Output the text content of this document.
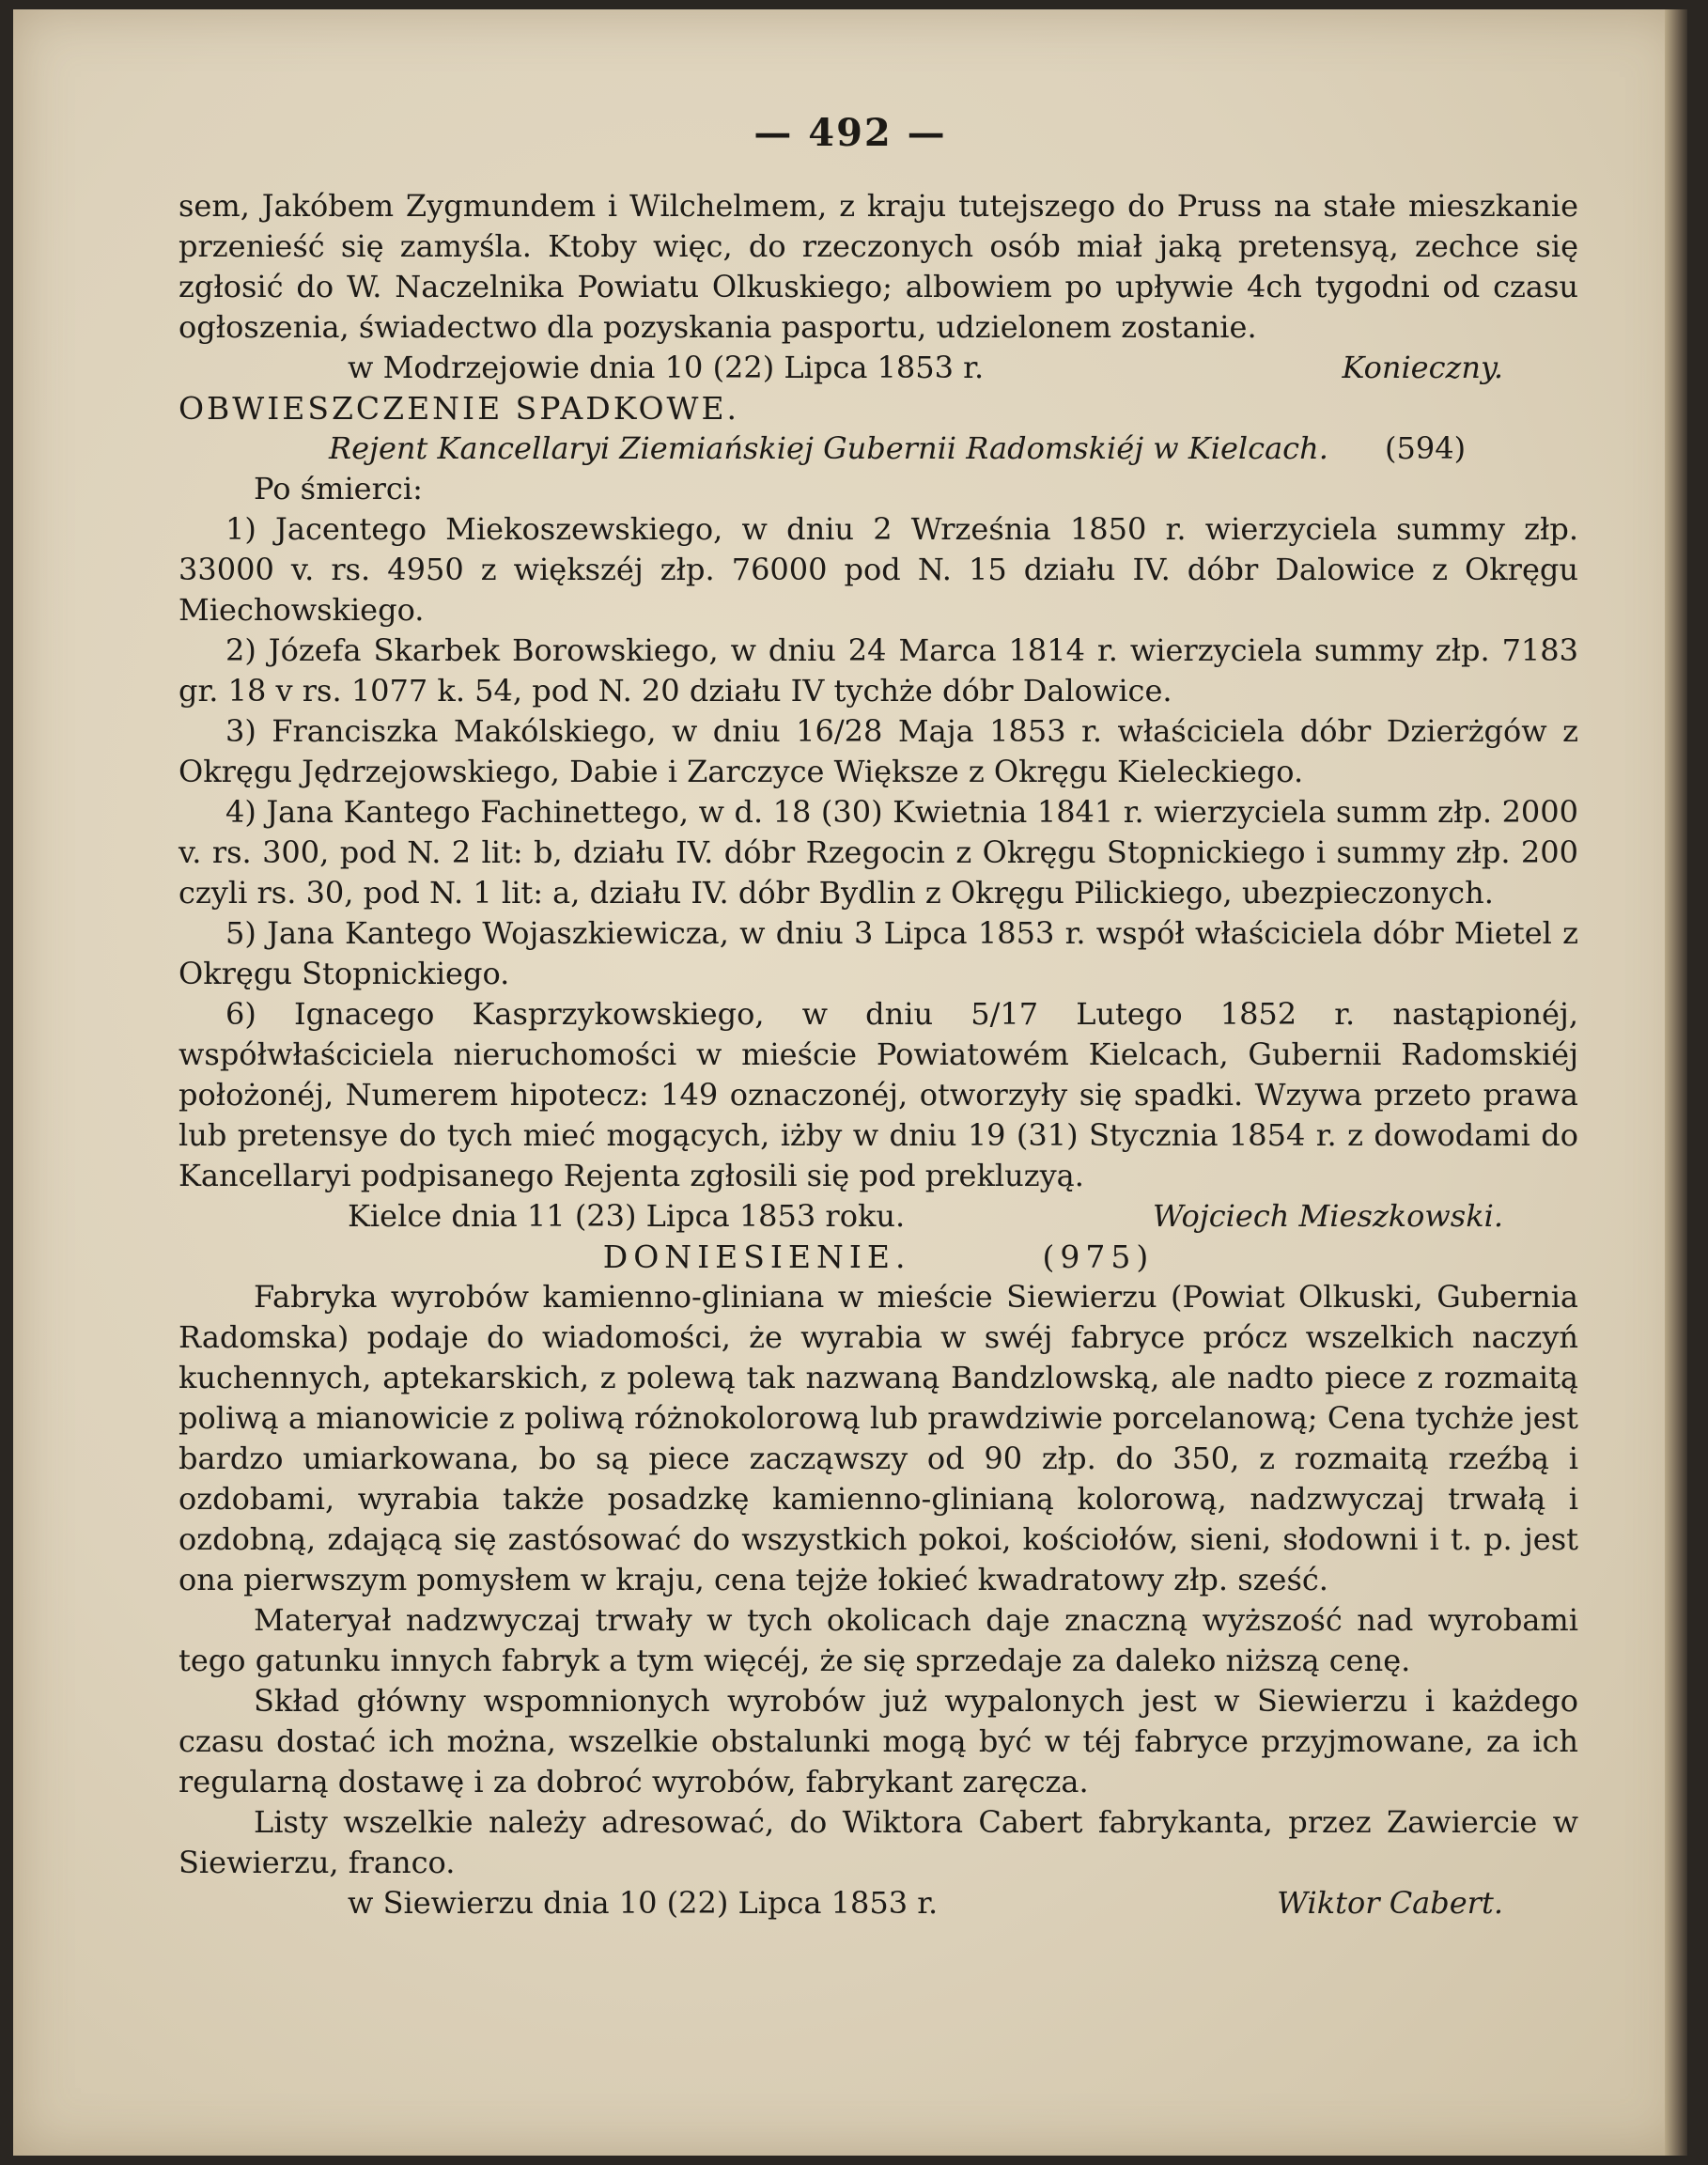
— 492 —

sem, Jakóbem Zygmundem i Wilchelmem, z kraju tutejszego do Pruss na stałe mieszkanie przenieść się zamyśla. Ktoby więc, do rzeczonych osób miał jaką pretensyą, zechce się zgłosić do W. Naczelnika Powiatu Olkuskiego; albowiem po upływie 4ch tygodni od czasu ogłoszenia, świadectwo dla pozyskania pasportu, udzielonem zostanie.

w Modrzejowie dnia 10 (22) Lipca 1853 r.	Konieczny.

OBWIESZCZENIE SPADKOWE.

Rejent Kancellaryi Ziemiańskiej Gubernii Radomskiéj w Kielcach. (594)

Po śmierci:

1) Jacentego Miekoszewskiego, w dniu 2 Września 1850 r. wierzyciela summy złp. 33000 v. rs. 4950 z większéj złp. 76000 pod N. 15 działu IV. dóbr Dalowice z Okręgu Miechowskiego.

2) Józefa Skarbek Borowskiego, w dniu 24 Marca 1814 r. wierzyciela summy złp. 7183 gr. 18 v rs. 1077 k. 54, pod N. 20 działu IV tychże dóbr Dalowice.

3) Franciszka Makólskiego, w dniu 16/28 Maja 1853 r. właściciela dóbr Dzierżgów z Okręgu Jędrzejowskiego, Dabie i Zarczyce Większe z Okręgu Kieleckiego.

4) Jana Kantego Fachinettego, w d. 18 (30) Kwietnia 1841 r. wierzyciela summ złp. 2000 v. rs. 300, pod N. 2 lit: b, działu IV. dóbr Rzegocin z Okręgu Stopnickiego i summy złp. 200 czyli rs. 30, pod N. 1 lit: a, działu IV. dóbr Bydlin z Okręgu Pilickiego, ubezpieczonych.

5) Jana Kantego Wojaszkiewicza, w dniu 3 Lipca 1853 r. współ właściciela dóbr Mietel z Okręgu Stopnickiego.

6) Ignacego Kasprzykowskiego, w dniu 5/17 Lutego 1852 r. nastąpionéj, współwłaściciela nieruchomości w mieście Powiatowém Kielcach, Gubernii Radomskiéj położonéj, Numerem hipotecz: 149 oznaczonéj, otworzyły się spadki. Wzywa przeto prawa lub pretensye do tych mieć mogących, iżby w dniu 19 (31) Stycznia 1854 r. z dowodami do Kancellaryi podpisanego Rejenta zgłosili się pod prekluzyą.

Kielce dnia 11 (23) Lipca 1853 roku.	Wojciech Mieszkowski.
DONIESIENIE.	(975)

Fabryka wyrobów kamienno-gliniana w mieście Siewierzu (Powiat Olkuski, Gubernia Radomska) podaje do wiadomości, że wyrabia w swéj fabryce prócz wszelkich naczyń kuchennych, aptekarskich, z polewą tak nazwaną Bandzlowską, ale nadto piece z rozmaitą poliwą a mianowicie z poliwą różnokolorową lub prawdziwie porcelanową; Cena tychże jest bardzo umiarkowana, bo są piece zacząwszy od 90 złp. do 350, z rozmaitą rzeźbą i ozdobami, wyrabia także posadzkę kamienno-glinianą kolorową, nadzwyczaj trwałą i ozdobną, zdającą się zastósować do wszystkich pokoi, kościołów, sieni, słodowni i t. p. jest ona pierwszym pomysłem w kraju, cena tejże łokieć kwadratowy złp. sześć.

Materyał nadzwyczaj trwały w tych okolicach daje znaczną wyższość nad wyrobami tego gatunku innych fabryk a tym więcéj, że się sprzedaje za daleko niższą cenę.

Skład główny wspomnionych wyrobów już wypalonych jest w Siewierzu i każdego czasu dostać ich można, wszelkie obstalunki mogą być w téj fabryce przyjmowane, za ich regularną dostawę i za dobroć wyrobów, fabrykant zaręcza.

Listy wszelkie należy adresować, do Wiktora Cabert fabrykanta, przez Zawiercie w Siewierzu, franco.

w Siewierzu dnia 10 (22) Lipca 1853 r.	Wiktor Cabert.
